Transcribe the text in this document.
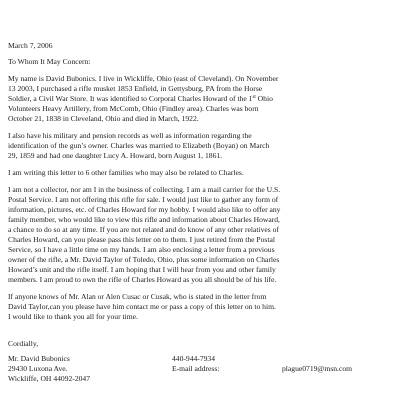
March 7, 2006

To Whom It May Concern:

My name is David Bubonics. I live in Wickliffe, Ohio (east of Cleveland). On November

13 2003, I purchased a rifle musket 1853 Enfield, in Gettysburg, PA from the Horse

Soldier, a Civil War Store. It was identified to Corporal Charles Howard of the 1st Ohio

Volunteers Heavy Artillery, from McComb, Ohio (Findley area). Charles was born

October 21, 1838 in Cleveland, Ohio and died in March, 1922.

I also have his military and pension records as well as information regarding the

identification of the gun’s owner. Charles was married to Elizabeth (Boyan) on March

29, 1859 and had one daughter Lucy A. Howard, born August 1, 1861.

I am writing this letter to 6 other families who may also be related to Charles.

I am not a collector, nor am I in the business of collecting. I am a mail carrier for the U.S.

Postal Service. I am not offering this rifle for sale. I would just like to gather any form of

information, pictures, etc. of Charles Howard for my hobby. I would also like to offer any

family member, who would like to view this rifle and information about Charles Howard,

a chance to do so at any time. If you are not related and do know of any other relatives of

Charles Howard, can you please pass this letter on to them. I just retired from the Postal

Service, so I have a little time on my hands. I am also enclosing a letter from a previous

owner of the rifle, a Mr. David Taylor of Toledo, Ohio, plus some information on Charles

Howard’s unit and the rifle itself. I am hoping that I will hear from you and other family

members. I am proud to own the rifle of Charles Howard as you all should be of his life.

If anyone knows of Mr. Alan or Alen Cusac or Cusak, who is stated in the letter from

David Taylor,can you please have him contact me or pass a copy of this letter on to him.

I would like to thank you all for your time.

Cordially,

Mr. David Bubonics
29430 Luxona Ave.
Wickliffe, OH 44092-2047
440-944-7934
E-mail address:	plague0719@msn.com
